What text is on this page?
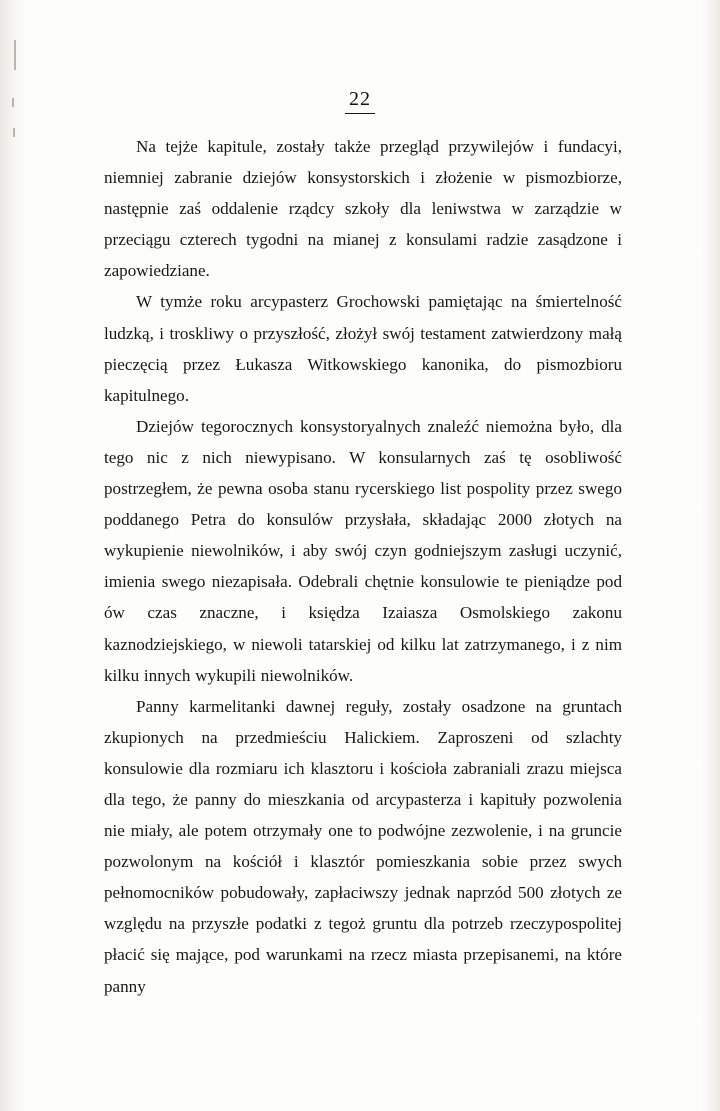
22

Na tejże kapitule, zostały także przegląd przywilejów i fundacyi, niemniej zabranie dziejów konsystorskich i złożenie w pismozbiorze, następnie zaś oddalenie rządcy szkoły dla leniwstwa w zarządzie w przeciągu czterech tygodni na mianej z konsulami radzie zasądzone i zapowiedziane.

W tymże roku arcypasterz Grochowski pamiętając na śmiertelność ludzką, i troskliwy o przyszłość, złożył swój testament zatwierdzony małą pieczęcią przez Łukasza Witkowskiego kanonika, do pismozbioru kapitulnego.

Dziejów tegorocznych konsystoryalnych znaleźć niemożna było, dla tego nic z nich niewypisano. W konsularnych zaś tę osobliwość postrzegłem, że pewna osoba stanu rycerskiego list pospolity przez swego poddanego Petra do konsulów przysłała, składając 2000 złotych na wykupienie niewolników, i aby swój czyn godniejszym zasługi uczynić, imienia swego niezapisała. Odebrali chętnie konsulowie te pieniądze pod ów czas znaczne, i księdza Izaiasza Osmolskiego zakonu kaznodziejskiego, w niewoli tatarskiej od kilku lat zatrzymanego, i z nim kilku innych wykupili niewolników.

Panny karmelitanki dawnej reguły, zostały osadzone na gruntach zkupionych na przedmieściu Halickiem. Zaproszeni od szlachty konsulowie dla rozmiaru ich klasztoru i kościoła zabraniali zrazu miejsca dla tego, że panny do mieszkania od arcypasterza i kapituły pozwolenia nie miały, ale potem otrzymały one to podwójne zezwolenie, i na gruncie pozwolonym na kościół i klasztór pomieszkania sobie przez swych pełnomocników pobudowały, zapłaciwszy jednak naprzód 500 złotych ze względu na przyszłe podatki z tegoż gruntu dla potrzeb rzeczypospolitej płacić się mające, pod warunkami na rzecz miasta przepisanemi, na które panny
